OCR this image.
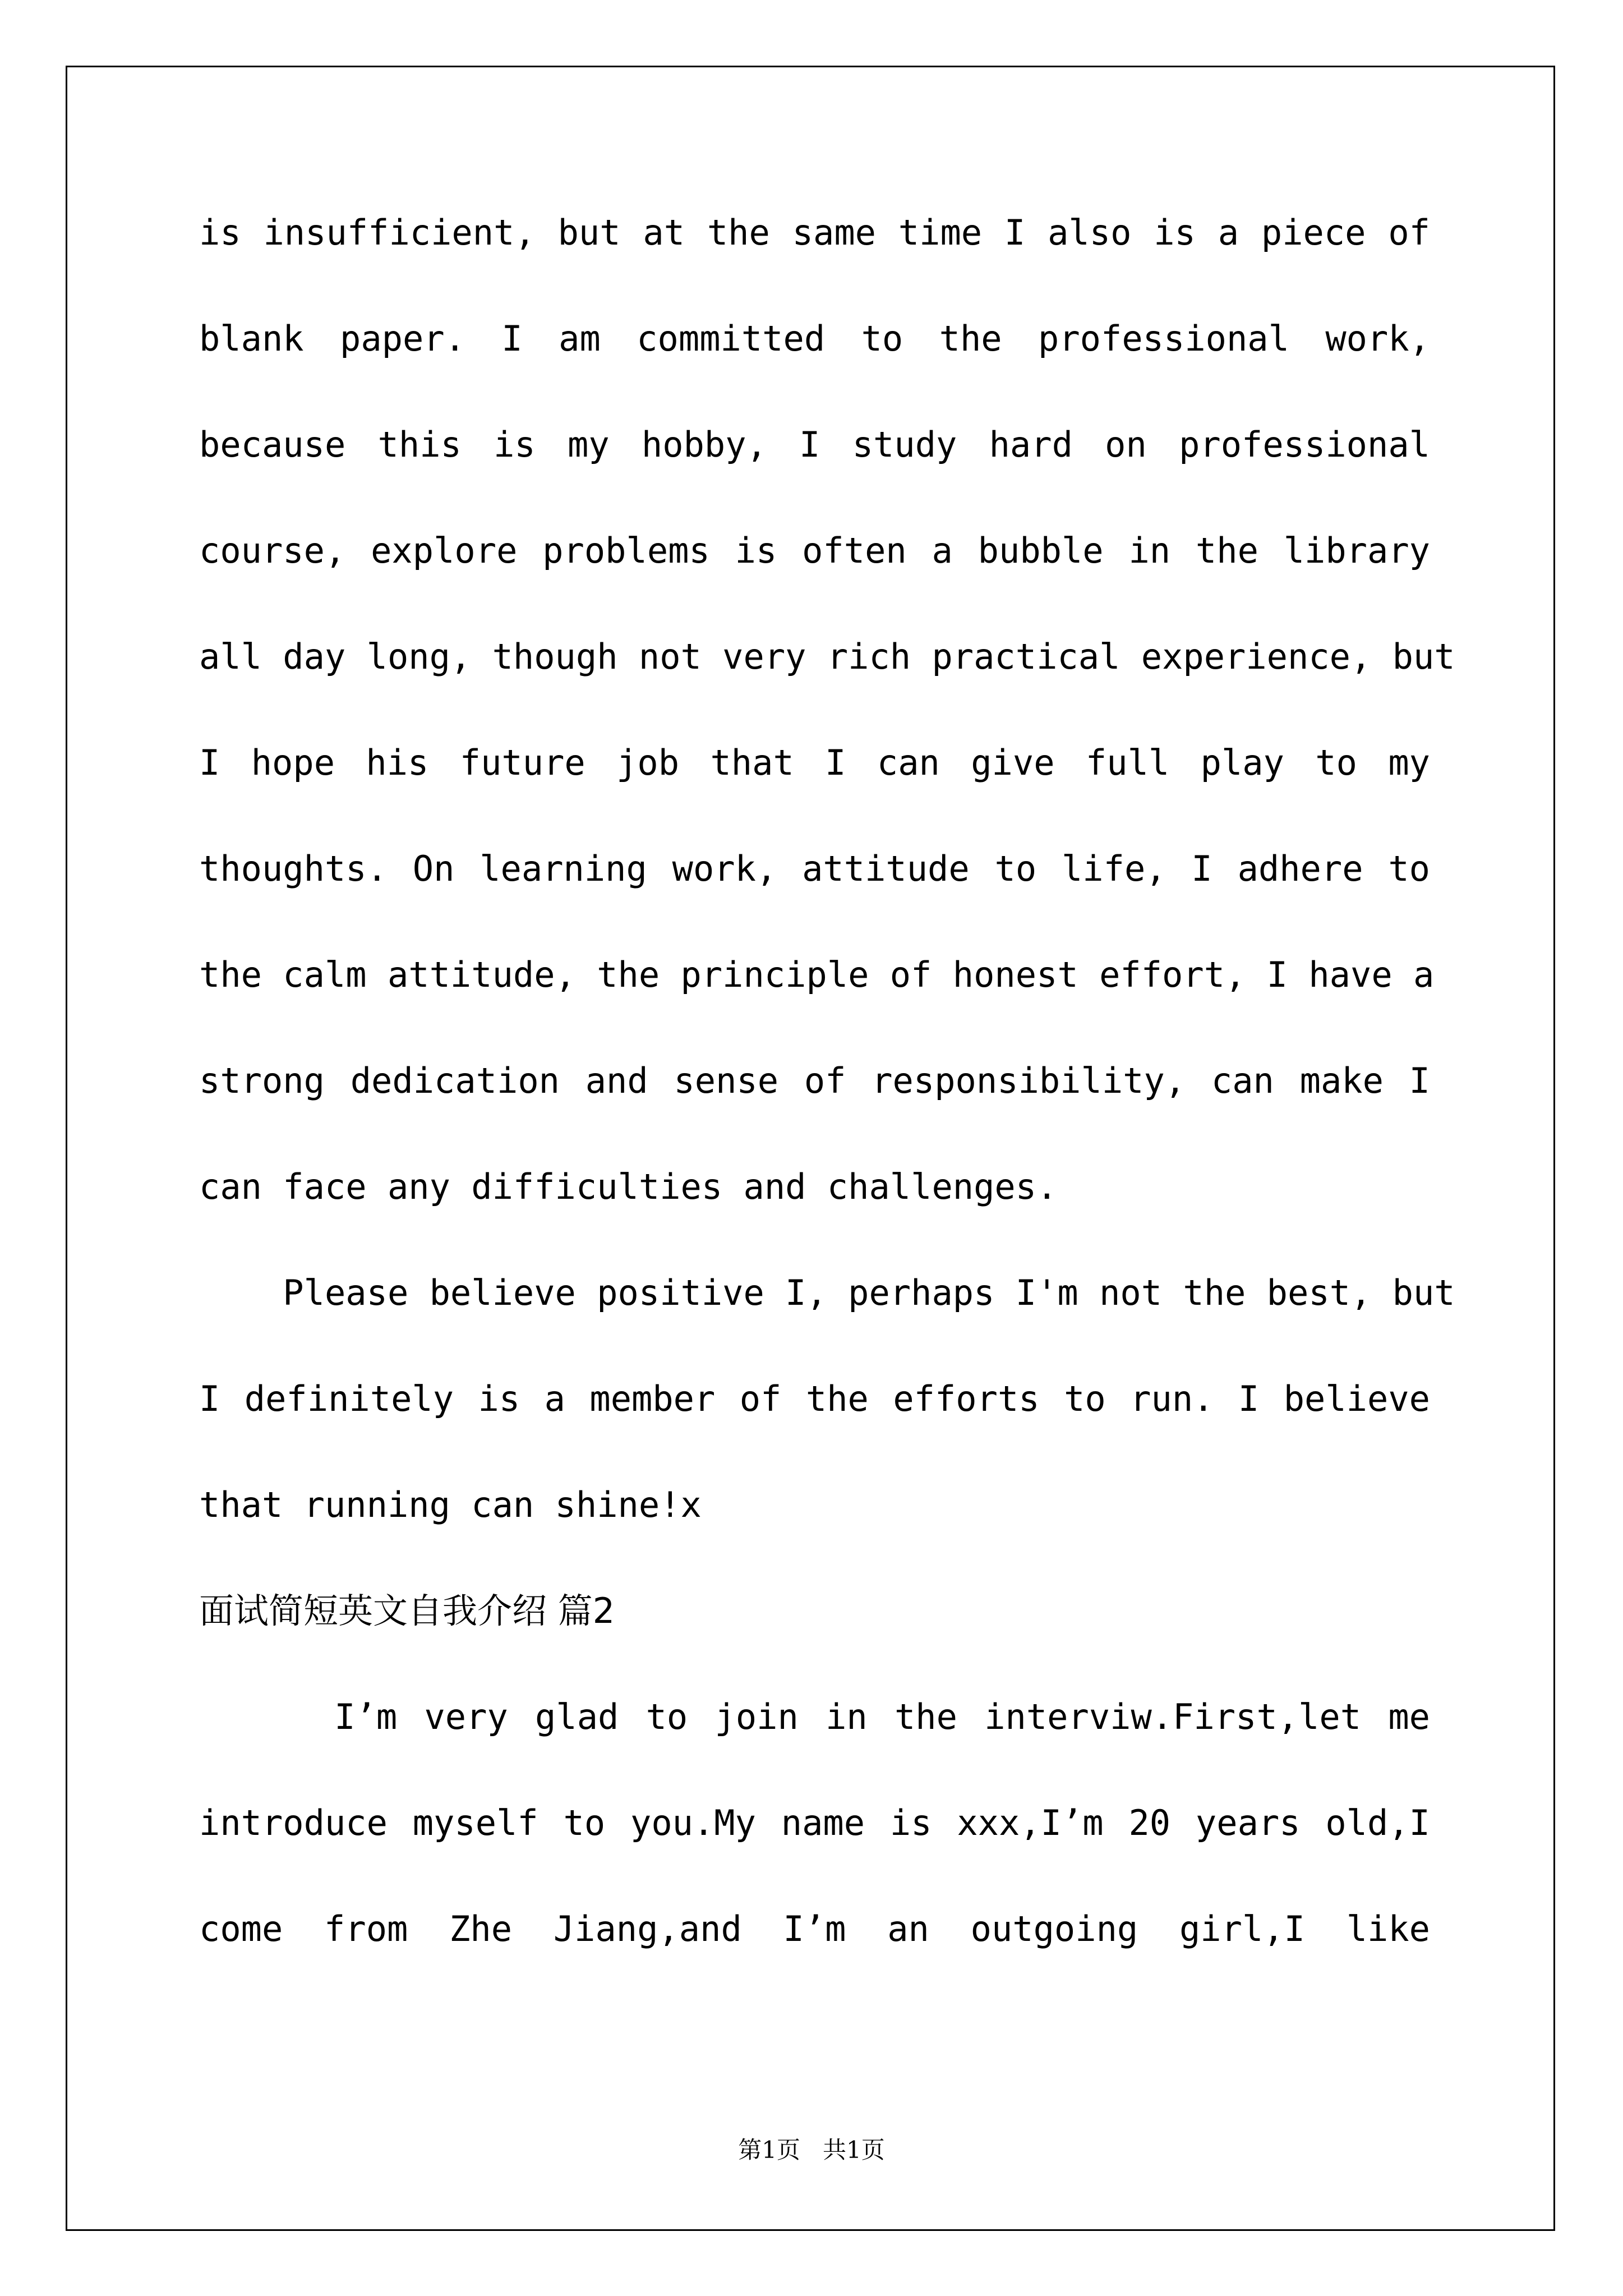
is insufficient, but at the same time I also is a piece of
blank paper. I am committed to the professional work,
because this is my hobby, I study hard on professional
course, explore problems is often a bubble in the library
all day long, though not very rich practical experience, but
I hope his future job that I can give full play to my
thoughts. On learning work, attitude to life, I adhere to
the calm attitude, the principle of honest effort, I have a
strong dedication and sense of responsibility, can make I
can face any difficulties and challenges.
Please believe positive I, perhaps I'm not the best, but
I definitely is a member of the efforts to run. I believe
that running can shine!x
面试简短英文自我介绍 篇2
I’m very glad to join in the interviw.First,let me
introduce myself to you.My name is xxx,I’m 20 years old,I
come from Zhe Jiang,and I’m an outgoing girl,I like
第1页   共1页
